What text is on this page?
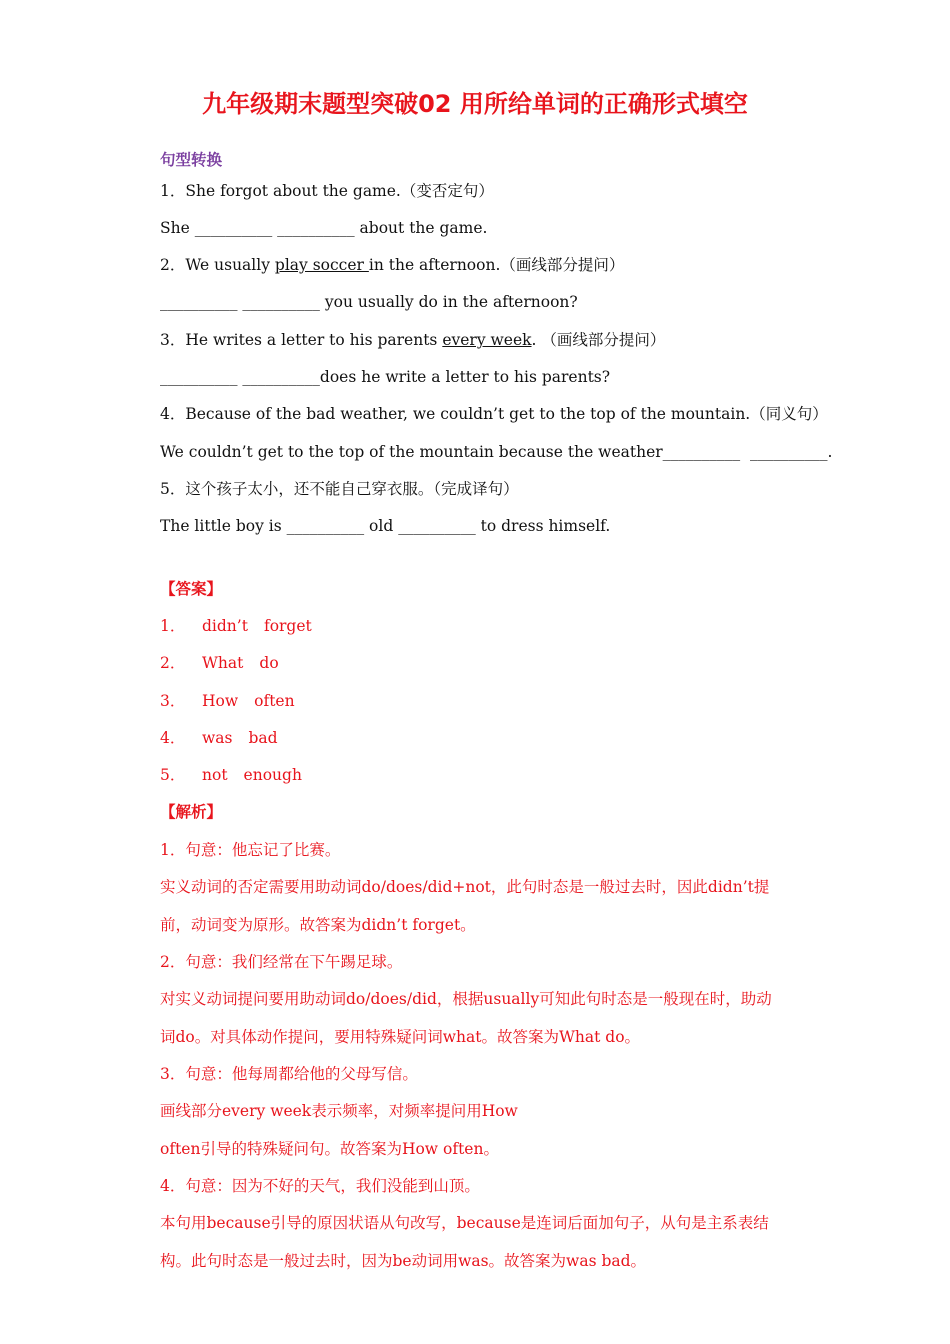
九年级期末题型突破02 用所给单词的正确形式填空
句型转换
1．She forgot about the game.（变否定句）
She __________ __________ about the game.
2．We usually play soccer in the afternoon.（画线部分提问）
__________ __________ you usually do in the afternoon?
3．He writes a letter to his parents every week. （画线部分提问）
__________ __________does he write a letter to his parents?
4．Because of the bad weather, we couldn’t get to the top of the mountain.（同义句）
We couldn’t get to the top of the mountain because the weather__________  __________.
5．这个孩子太小，还不能自己穿衣服。（完成译句）
The little boy is __________ old __________ to dress himself.
【答案】
1． didn’t forget
2． What do
3． How often
4． was bad
5． not enough
【解析】
1．句意：他忘记了比赛。
实义动词的否定需要用助动词do/does/did+not，此句时态是一般过去时，因此didn’t提
前，动词变为原形。故答案为didn’t forget。
2．句意：我们经常在下午踢足球。
对实义动词提问要用助动词do/does/did，根据usually可知此句时态是一般现在时，助动
词do。对具体动作提问，要用特殊疑问词what。故答案为What do。
3．句意：他每周都给他的父母写信。
画线部分every week表示频率，对频率提问用How
often引导的特殊疑问句。故答案为How often。
4．句意：因为不好的天气，我们没能到山顶。
本句用because引导的原因状语从句改写，because是连词后面加句子，从句是主系表结
构。此句时态是一般过去时，因为be动词用was。故答案为was bad。
